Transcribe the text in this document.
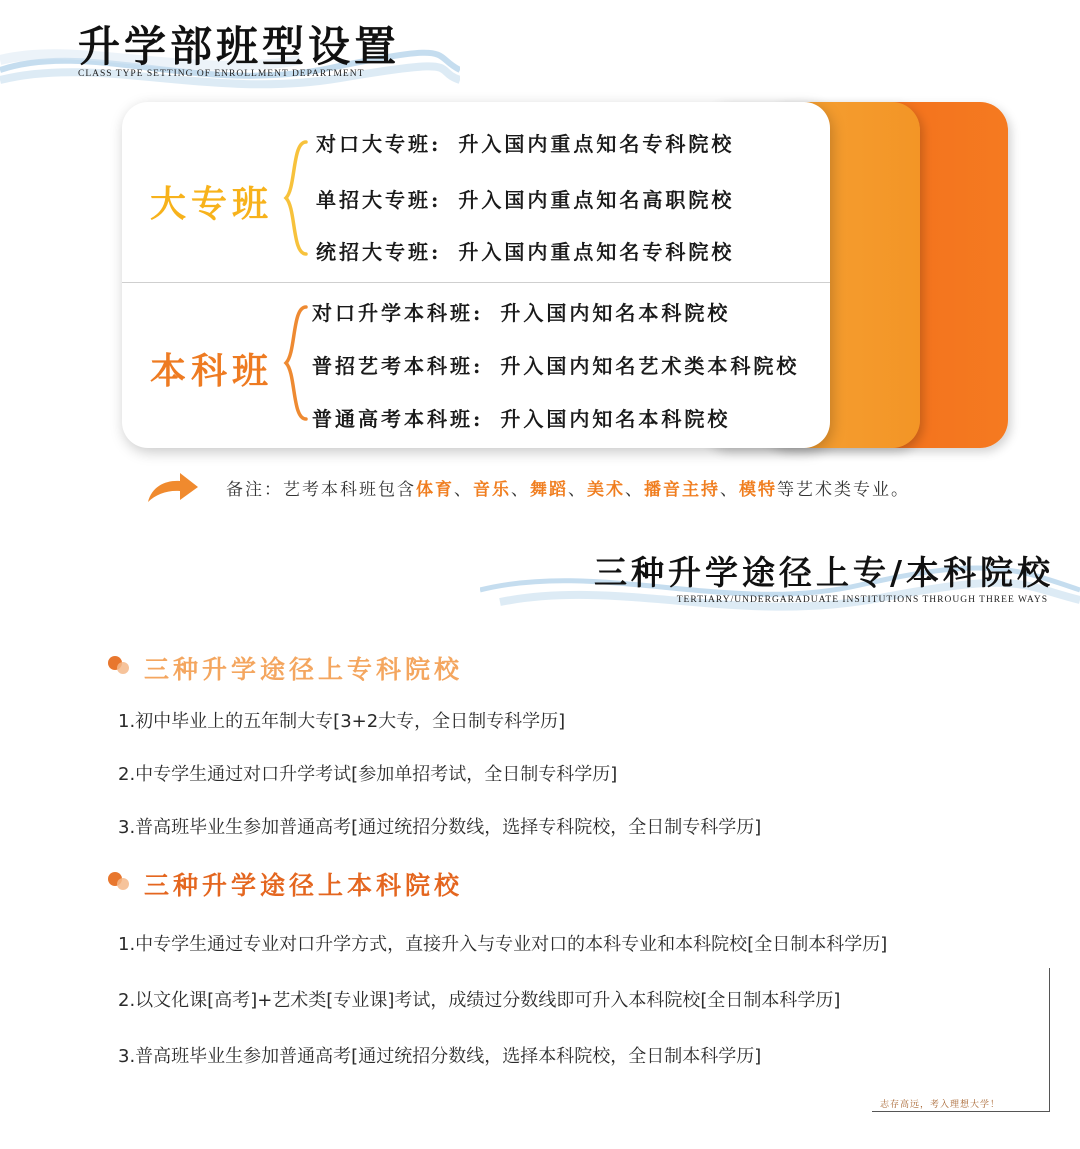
升学部班型设置
CLASS TYPE SETTING OF ENROLLMENT DEPARTMENT
大专班
对口大专班: 升入国内重点知名专科院校
单招大专班: 升入国内重点知名高职院校
统招大专班: 升入国内重点知名专科院校
本科班
对口升学本科班: 升入国内知名本科院校
普招艺考本科班: 升入国内知名艺术类本科院校
普通高考本科班: 升入国内知名本科院校
备注：艺考本科班包含体育、音乐、舞蹈、美术、播音主持、模特等艺术类专业。
三种升学途径上专/本科院校
TERTIARY/UNDERGARADUATE INSTITUTIONS THROUGH THREE WAYS
三种升学途径上专科院校
1.初中毕业上的五年制大专[3+2大专，全日制专科学历]
2.中专学生通过对口升学考试[参加单招考试，全日制专科学历]
3.普高班毕业生参加普通高考[通过统招分数线，选择专科院校，全日制专科学历]
三种升学途径上本科院校
1.中专学生通过专业对口升学方式，直接升入与专业对口的本科专业和本科院校[全日制本科学历]
2.以文化课[高考]+艺术类[专业课]考试，成绩过分数线即可升入本科院校[全日制本科学历]
3.普高班毕业生参加普通高考[通过统招分数线，选择本科院校，全日制本科学历]
志存高远，考入理想大学！
